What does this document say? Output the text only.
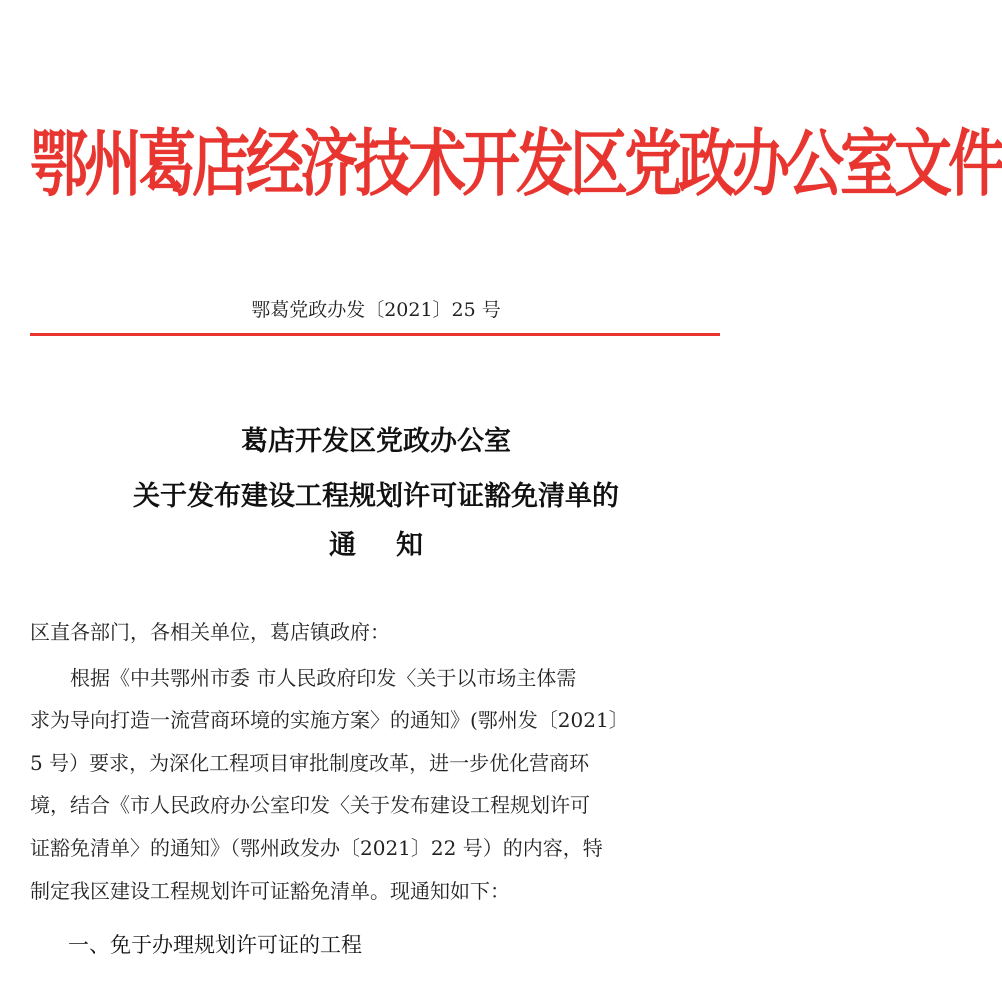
鄂州葛店经济技术开发区党政办公室文件
鄂葛党政办发〔2021〕25 号
葛店开发区党政办公室
关于发布建设工程规划许可证豁免清单的
通知
区直各部门，各相关单位，葛店镇政府：
根据《中共鄂州市委 市人民政府印发〈关于以市场主体需
求为导向打造一流营商环境的实施方案〉的通知》(鄂州发〔2021〕
5 号）要求，为深化工程项目审批制度改革，进一步优化营商环
境，结合《市人民政府办公室印发〈关于发布建设工程规划许可
证豁免清单〉的通知》（鄂州政发办〔2021〕22 号）的内容，特
制定我区建设工程规划许可证豁免清单。现通知如下：
一、免于办理规划许可证的工程
